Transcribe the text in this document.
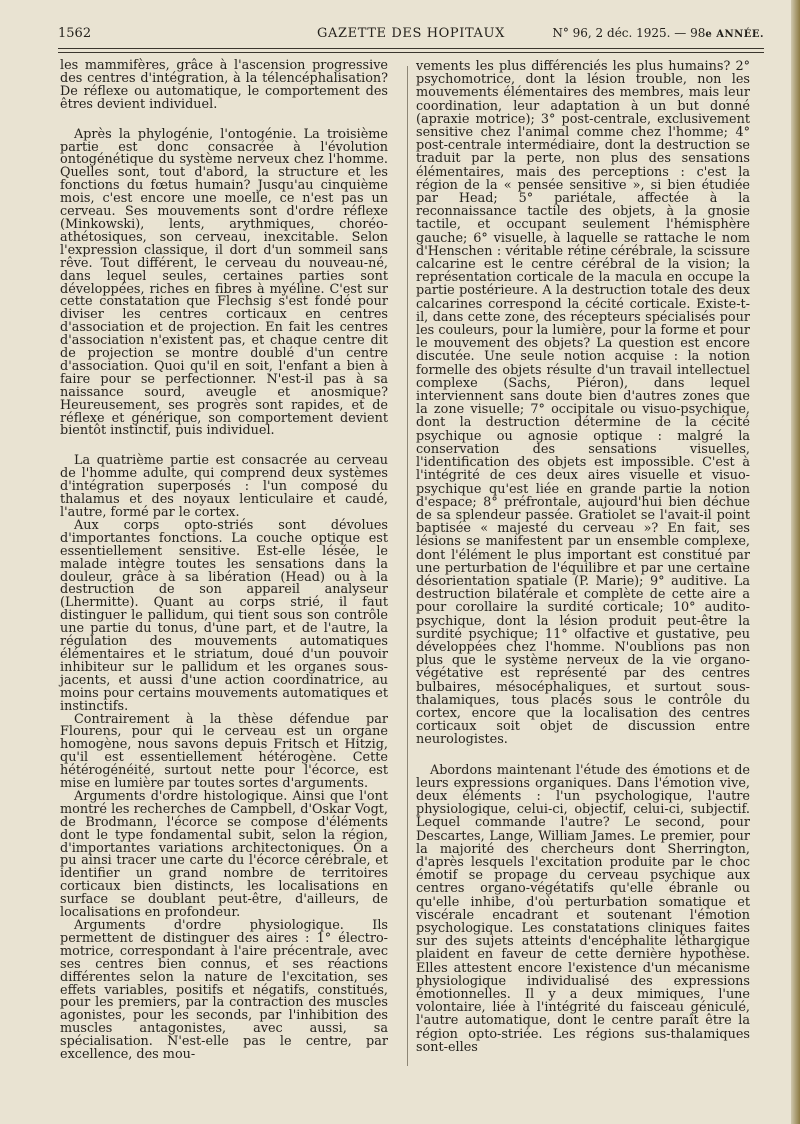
1562	GAZETTE DES HOPITAUX	N° 96, 2 déc. 1925. — 98e ANNÉE.

les mammifères, grâce à l'ascension progressive des centres d'intégration, à la télencéphalisation? De réflexe ou automatique, le comportement des êtres devient individuel.

Après la phylogénie, l'ontogénie. La troisième partie est donc consacrée à l'évolution ontogénétique du système nerveux chez l'homme. Quelles sont, tout d'abord, la structure et les fonctions du fœtus humain? Jusqu'au cinquième mois, c'est encore une moelle, ce n'est pas un cerveau. Ses mouvements sont d'ordre réflexe (Minkowski), lents, arythmiques, choréo-athétosiques, son cerveau, inexcitable. Selon l'expression classique, il dort d'un sommeil sans rêve. Tout différent, le cerveau du nouveau-né, dans lequel seules, certaines parties sont développées, riches en fibres à myéline. C'est sur cette constatation que Flechsig s'est fondé pour diviser les centres corticaux en centres d'association et de projection. En fait les centres d'association n'existent pas, et chaque centre dit de projection se montre doublé d'un centre d'association. Quoi qu'il en soit, l'enfant a bien à faire pour se perfectionner. N'est-il pas à sa naissance sourd, aveugle et anosmique? Heureusement, ses progrès sont rapides, et de réflexe et générique, son comportement devient bientôt instinctif, puis individuel.

La quatrième partie est consacrée au cerveau de l'homme adulte, qui comprend deux systèmes d'intégration superposés : l'un composé du thalamus et des noyaux lenticulaire et caudé, l'autre, formé par le cortex.

Aux corps opto-striés sont dévolues d'importantes fonctions. La couche optique est essentiellement sensitive. Est-elle lésée, le malade intègre toutes les sensations dans la douleur, grâce à sa libération (Head) ou à la destruction de son appareil analyseur (Lhermitte). Quant au corps strié, il faut distinguer le pallidum, qui tient sous son contrôle une partie du tonus, d'une part, et de l'autre, la régulation des mouvements automatiques élémentaires et le striatum, doué d'un pouvoir inhibiteur sur le pallidum et les organes sous-jacents, et aussi d'une action coordinatrice, au moins pour certains mouvements automatiques et instinctifs.

Contrairement à la thèse défendue par Flourens, pour qui le cerveau est un organe homogène, nous savons depuis Fritsch et Hitzig, qu'il est essentiellement hétérogène. Cette hétérogénéité, surtout nette pour l'écorce, est mise en lumière par toutes sortes d'arguments.

Arguments d'ordre histologique. Ainsi que l'ont montré les recherches de Campbell, d'Oskar Vogt, de Brodmann, l'écorce se compose d'éléments dont le type fondamental subit, selon la région, d'importantes variations architectoniques. On a pu ainsi tracer une carte du l'écorce cérébrale, et identifier un grand nombre de territoires corticaux bien distincts, les localisations en surface se doublant peut-être, d'ailleurs, de localisations en profondeur.

Arguments d'ordre physiologique. Ils permettent de distinguer des aires : 1° électro-motrice, correspondant à l'aire précentrale, avec ses centres bien connus, et ses réactions différentes selon la nature de l'excitation, ses effets variables, positifs et négatifs, constitués, pour les premiers, par la contraction des muscles agonistes, pour les seconds, par l'inhibition des muscles antagonistes, avec aussi, sa spécialisation. N'est-elle pas le centre, par excellence, des mou-

vements les plus différenciés les plus humains? 2° psychomotrice, dont la lésion trouble, non les mouvements élémentaires des membres, mais leur coordination, leur adaptation à un but donné (apraxie motrice); 3° post-centrale, exclusivement sensitive chez l'animal comme chez l'homme; 4° post-centrale intermédiaire, dont la destruction se traduit par la perte, non plus des sensations élémentaires, mais des perceptions : c'est la région de la « pensée sensitive », si bien étudiée par Head; 5° pariétale, affectée à la reconnaissance tactile des objets, à la gnosie tactile, et occupant seulement l'hémisphère gauche; 6° visuelle, à laquelle se rattache le nom d'Henschen : véritable rétine cérébrale, la scissure calcarine est le centre cérébral de la vision; la représentation corticale de la macula en occupe la partie postérieure. A la destruction totale des deux calcarines correspond la cécité corticale. Existe-t-il, dans cette zone, des récepteurs spécialisés pour les couleurs, pour la lumière, pour la forme et pour le mouvement des objets? La question est encore discutée. Une seule notion acquise : la notion formelle des objets résulte d'un travail intellectuel complexe (Sachs, Piéron), dans lequel interviennent sans doute bien d'autres zones que la zone visuelle; 7° occipitale ou visuo-psychique, dont la destruction détermine de la cécité psychique ou agnosie optique : malgré la conservation des sensations visuelles, l'identification des objets est impossible. C'est à l'intégrité de ces deux aires visuelle et visuo-psychique qu'est liée en grande partie la notion d'espace; 8° préfrontale, aujourd'hui bien déchue de sa splendeur passée. Gratiolet se l'avait-il point baptisée « majesté du cerveau »? En fait, ses lésions se manifestent par un ensemble complexe, dont l'élément le plus important est constitué par une perturbation de l'équilibre et par une certaine désorientation spatiale (P. Marie); 9° auditive. La destruction bilatérale et complète de cette aire a pour corollaire la surdité corticale; 10° audito-psychique, dont la lésion produit peut-être la surdité psychique; 11° olfactive et gustative, peu développées chez l'homme. N'oublions pas non plus que le système nerveux de la vie organo-végétative est représenté par des centres bulbaires, mésocéphaliques, et surtout sous-thalamiques, tous placés sous le contrôle du cortex, encore que la localisation des centres corticaux soit objet de discussion entre neurologistes.

Abordons maintenant l'étude des émotions et de leurs expressions organiques. Dans l'émotion vive, deux éléments : l'un psychologique, l'autre physiologique, celui-ci, objectif, celui-ci, subjectif. Lequel commande l'autre? Le second, pour Descartes, Lange, William James. Le premier, pour la majorité des chercheurs dont Sherrington, d'après lesquels l'excitation produite par le choc émotif se propage du cerveau psychique aux centres organo-végétatifs qu'elle ébranle ou qu'elle inhibe, d'où perturbation somatique et viscérale encadrant et soutenant l'émotion psychologique. Les constatations cliniques faites sur des sujets atteints d'encéphalite léthargique plaident en faveur de cette dernière hypothèse. Elles attestent encore l'existence d'un mécanisme physiologique individualisé des expressions émotionnelles. Il y a deux mimiques, l'une volontaire, liée à l'intégrité du faisceau géniculé, l'autre automatique, dont le centre paraît être la région opto-striée. Les régions sus-thalamiques sont-elles
